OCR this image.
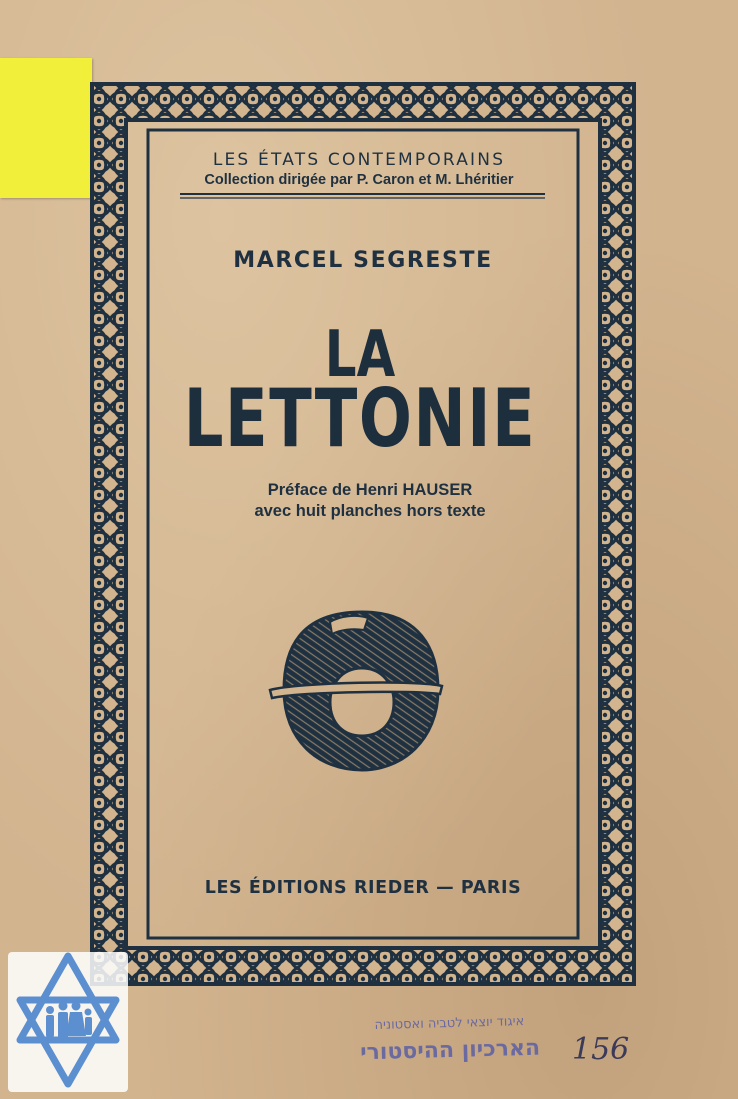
LES ÉTATS CONTEMPORAINS
Collection dirigée par P. Caron et M. Lhéritier
MARCEL SEGRESTE
LA
LETTONIE
Préface de Henri HAUSER
avec huit planches hors texte
LES ÉDITIONS RIEDER — PARIS
איגוד יוצאי לטביה ואסטוניה
הארכיון ההיסטורי	156
